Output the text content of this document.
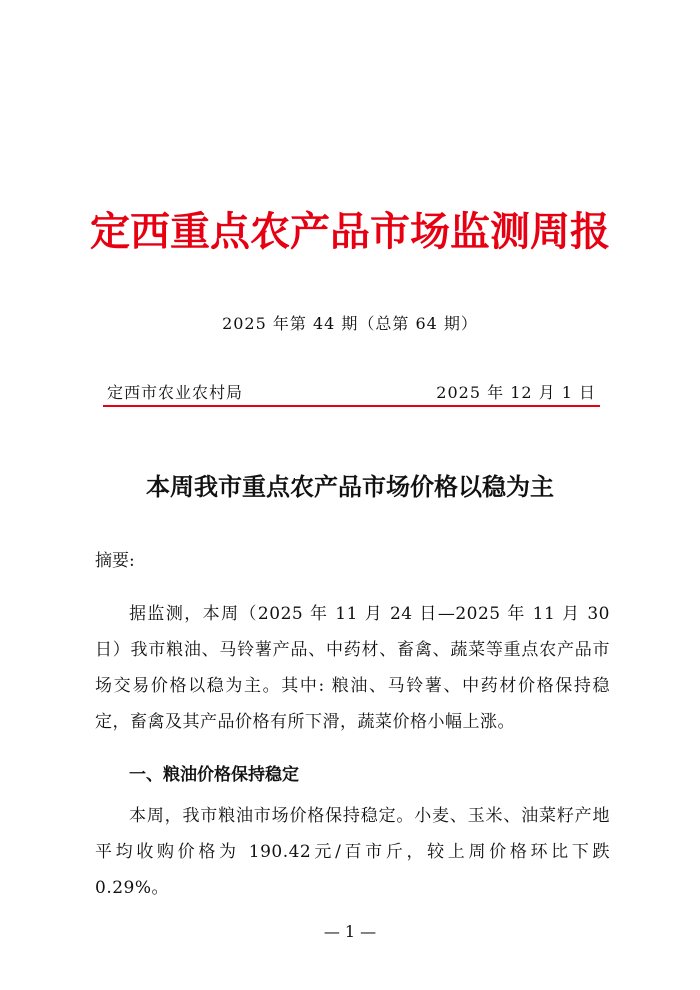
定西重点农产品市场监测周报
2025 年第 44 期（总第 64 期）
定西市农业农村局	2025 年 12 月 1 日
本周我市重点农产品市场价格以稳为主
摘要:
据监测，本周（2025 年 11 月 24 日—2025 年 11 月 30 日）我市粮油、马铃薯产品、中药材、畜禽、蔬菜等重点农产品市场交易价格以稳为主。其中: 粮油、马铃薯、中药材价格保持稳定，畜禽及其产品价格有所下滑，蔬菜价格小幅上涨。
一、粮油价格保持稳定
本周，我市粮油市场价格保持稳定。小麦、玉米、油菜籽产地平均收购价格为 190.42元/百市斤，较上周价格环比下跌 0.29%。
— 1 —
